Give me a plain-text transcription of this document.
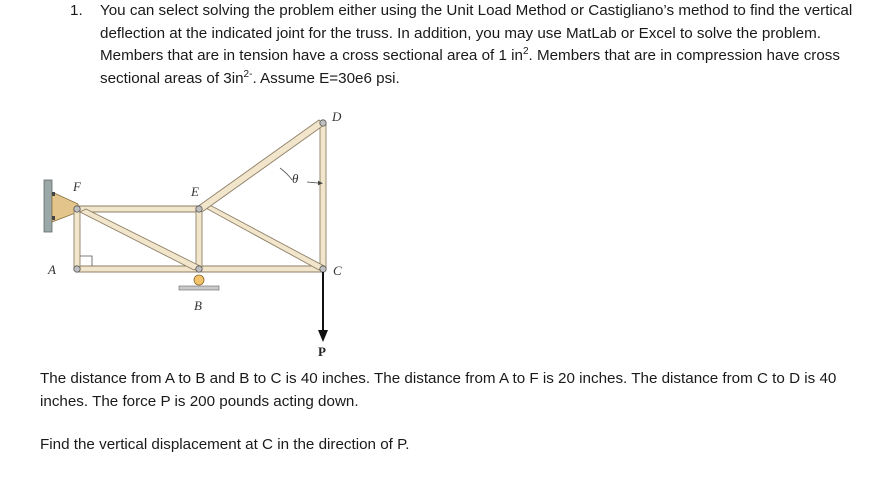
1. You can select solving the problem either using the Unit Load Method or Castigliano’s method to find the vertical deflection at the indicated joint for the truss. In addition, you may use MatLab or Excel to solve the problem. Members that are in tension have a cross sectional area of 1 $in^2$. Members that are in compression have cross sectional areas of $3in^{2-}$. Assume E=30e6 psi.
A
B
C
D
E
F
θ
P
The distance from A to B and B to C is 40 inches. The distance from A to F is 20 inches. The distance from C to D is 40 inches. The force P is 200 pounds acting down.
Find the vertical displacement at C in the direction of P.
